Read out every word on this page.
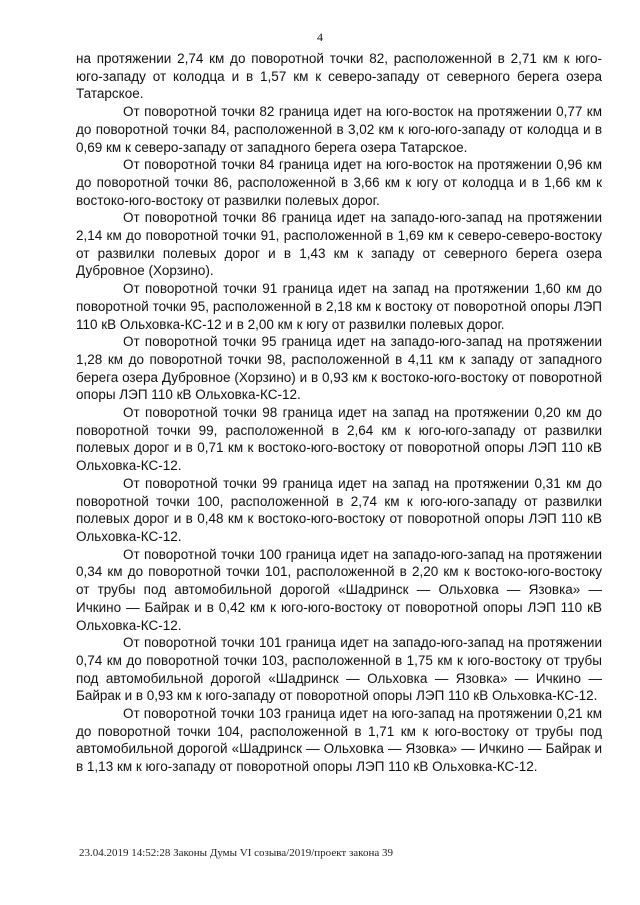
4

на протяжении 2,74 км до поворотной точки 82, расположенной в 2,71 км к юго-юго-западу от колодца и в 1,57 км к северо-западу от северного берега озера Татарское.

От поворотной точки 82 граница идет на юго-восток на протяжении 0,77 км до поворотной точки 84, расположенной в 3,02 км к юго-юго-западу от колодца и в 0,69 км к северо-западу от западного берега озера Татарское.

От поворотной точки 84 граница идет на юго-восток на протяжении 0,96 км до поворотной точки 86, расположенной в 3,66 км к югу от колодца и в 1,66 км к востоко-юго-востоку от развилки полевых дорог.

От поворотной точки 86 граница идет на западо-юго-запад на протяжении 2,14 км до поворотной точки 91, расположенной в 1,69 км к северо-северо-востоку от развилки полевых дорог и в 1,43 км к западу от северного берега озера Дубровное (Хорзино).

От поворотной точки 91 граница идет на запад на протяжении 1,60 км до поворотной точки 95, расположенной в 2,18 км к востоку от поворотной опоры ЛЭП 110 кВ Ольховка-КС-12 и в 2,00 км к югу от развилки полевых дорог.

От поворотной точки 95 граница идет на западо-юго-запад на протяжении 1,28 км до поворотной точки 98, расположенной в 4,11 км к западу от западного берега озера Дубровное (Хорзино) и в 0,93 км к востоко-юго-востоку от поворотной опоры ЛЭП 110 кВ Ольховка-КС-12.

От поворотной точки 98 граница идет на запад на протяжении 0,20 км до поворотной точки 99, расположенной в 2,64 км к юго-юго-западу от развилки полевых дорог и в 0,71 км к востоко-юго-востоку от поворотной опоры ЛЭП 110 кВ Ольховка-КС-12.

От поворотной точки 99 граница идет на запад на протяжении 0,31 км до поворотной точки 100, расположенной в 2,74 км к юго-юго-западу от развилки полевых дорог и в 0,48 км к востоко-юго-востоку от поворотной опоры ЛЭП 110 кВ Ольховка-КС-12.

От поворотной точки 100 граница идет на западо-юго-запад на протяжении 0,34 км до поворотной точки 101, расположенной в 2,20 км к востоко-юго-востоку от трубы под автомобильной дорогой «Шадринск — Ольховка — Язовка» — Ичкино — Байрак и в 0,42 км к юго-юго-востоку от поворотной опоры ЛЭП 110 кВ Ольховка-КС-12.

От поворотной точки 101 граница идет на западо-юго-запад на протяжении 0,74 км до поворотной точки 103, расположенной в 1,75 км к юго-востоку от трубы под автомобильной дорогой «Шадринск — Ольховка — Язовка» — Ичкино — Байрак и в 0,93 км к юго-западу от поворотной опоры ЛЭП 110 кВ Ольховка-КС-12.

От поворотной точки 103 граница идет на юго-запад на протяжении 0,21 км до поворотной точки 104, расположенной в 1,71 км к юго-востоку от трубы под автомобильной дорогой «Шадринск — Ольховка — Язовка» — Ичкино — Байрак и в 1,13 км к юго-западу от поворотной опоры ЛЭП 110 кВ Ольховка-КС-12.

23.04.2019 14:52:28 Законы Думы VI созыва/2019/проект закона 39
